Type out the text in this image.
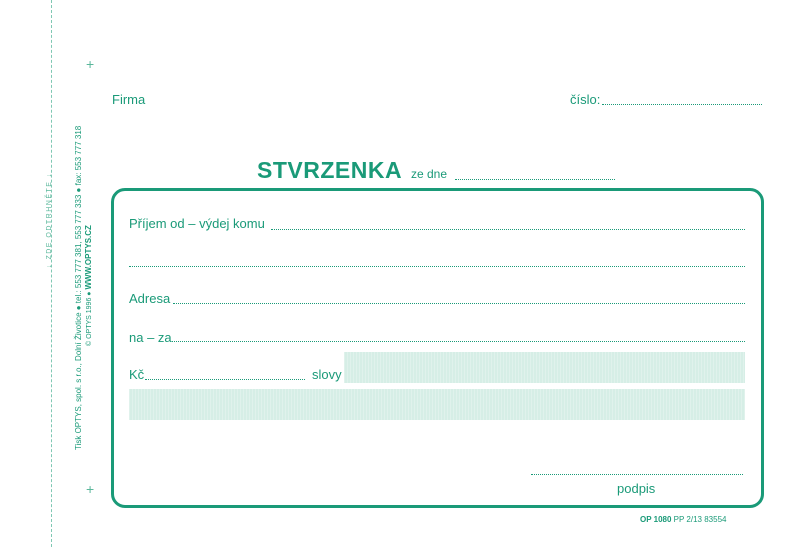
↓ ZDE ODTRHNĚTE ↓	Tisk OPTYS, spol. s r.o., Dolní Životice ● tel.: 553 777 381, 553 777 333 ● fax: 553 777 318 © OPTYS 1996 ● WWW.OPTYS.CZ
+
+
Firma	číslo:
STVRZENKA ze dne
Příjem od – výdej komu
Adresa
na – za
Kč	slovy
podpis
OP 1080 PP 2/13 83554
